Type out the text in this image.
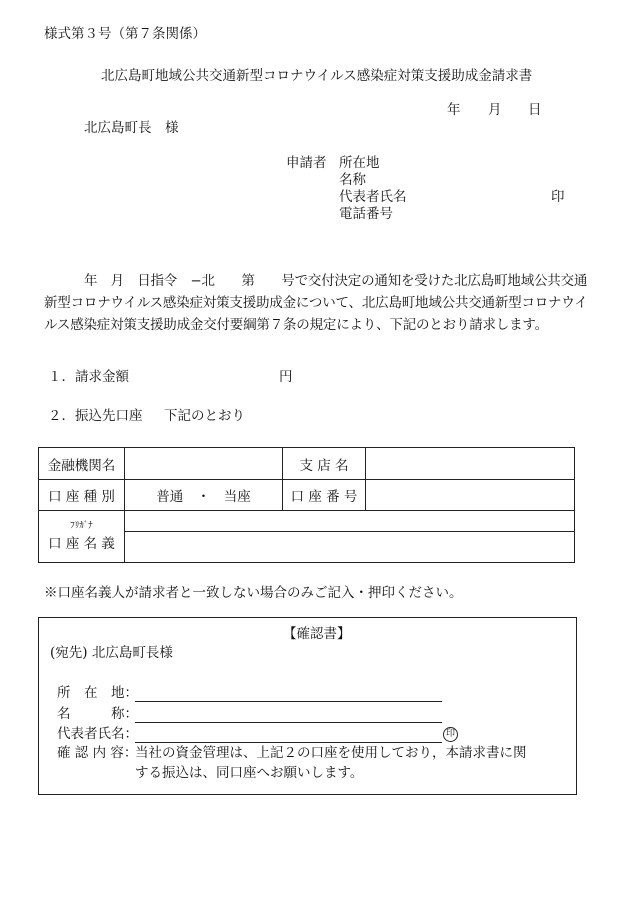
様式第３号（第７条関係）
北広島町地域公共交通新型コロナウイルス感染症対策支援助成金請求書
年 月 日
北広島町長　様
申請者 所在地
名称
代表者氏名	印
電話番号
年　月　日指令　−北　　第　　号で交付決定の通知を受けた北広島町地域公共交通新型コロナウイルス感染症対策支援助成金について、北広島町地域公共交通新型コロナウイルス感染症対策支援助成金交付要綱第７条の規定により、下記のとおり請求します。
１．請求金額	円
２．振込先口座 下記のとおり
金融機関名		支 店 名	
口 座 種 別	普通　・　当座	口 座 番 号	

ﾌﾘｶﾞﾅ
口 座 名 義			

※口座名義人が請求者と一致しない場合のみご記入・押印ください。
【確認書】
(宛先) 北広島町長様
所　在　地：
名　　　称：
代表者氏名：	印
確 認 内 容：
当社の資金管理は、上記２の口座を使用しており，本請求書に関
する振込は、同口座へお願いします。
